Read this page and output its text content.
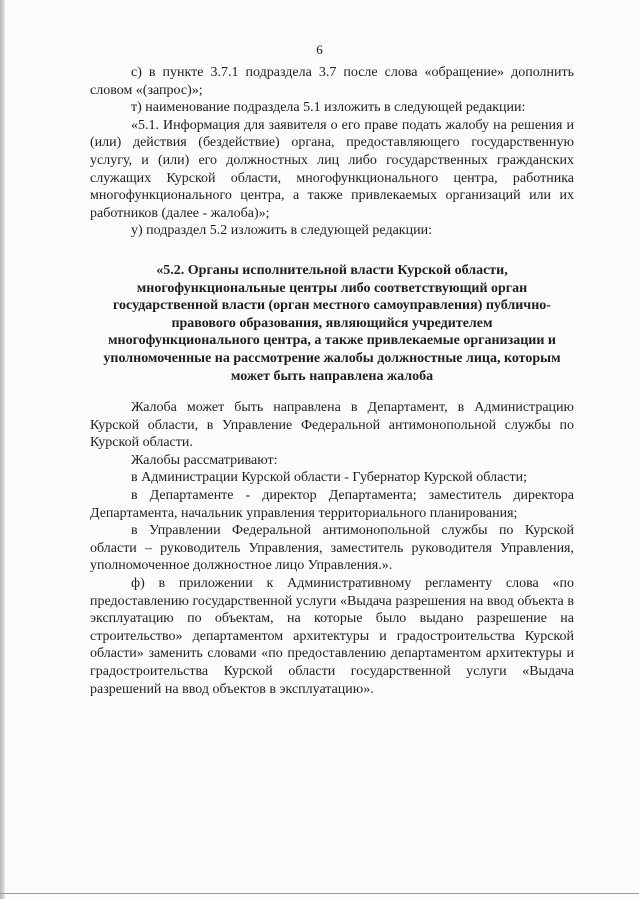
6

с) в пункте 3.7.1 подраздела 3.7 после слова «обращение» дополнить словом «(запрос)»;

т) наименование подраздела 5.1 изложить в следующей редакции:

«5.1. Информация для заявителя о его праве подать жалобу на решения и (или) действия (бездействие) органа, предоставляющего государственную услугу, и (или) его должностных лиц либо государственных гражданских служащих Курской области, многофункционального центра, работника многофункционального центра, а также привлекаемых организаций или их работников (далее - жалоба)»;

у) подраздел 5.2 изложить в следующей редакции:

«5.2. Органы исполнительной власти Курской области, многофункциональные центры либо соответствующий орган государственной власти (орган местного самоуправления) публично-правового образования, являющийся учредителем многофункционального центра, а также привлекаемые организации и уполномоченные на рассмотрение жалобы должностные лица, которым может быть направлена жалоба

Жалоба может быть направлена в Департамент, в Администрацию Курской области, в Управление Федеральной антимонопольной службы по Курской области.

Жалобы рассматривают:

в Администрации Курской области - Губернатор Курской области;

в Департаменте - директор Департамента; заместитель директора Департамента, начальник управления территориального планирования;

в Управлении Федеральной антимонопольной службы по Курской области – руководитель Управления, заместитель руководителя Управления, уполномоченное должностное лицо Управления.».

ф) в приложении к Административному регламенту слова «по предоставлению государственной услуги «Выдача разрешения на ввод объекта в эксплуатацию по объектам, на которые было выдано разрешение на строительство» департаментом архитектуры и градостроительства Курской области» заменить словами «по предоставлению департаментом архитектуры и градостроительства Курской области государственной услуги «Выдача разрешений на ввод объектов в эксплуатацию».
